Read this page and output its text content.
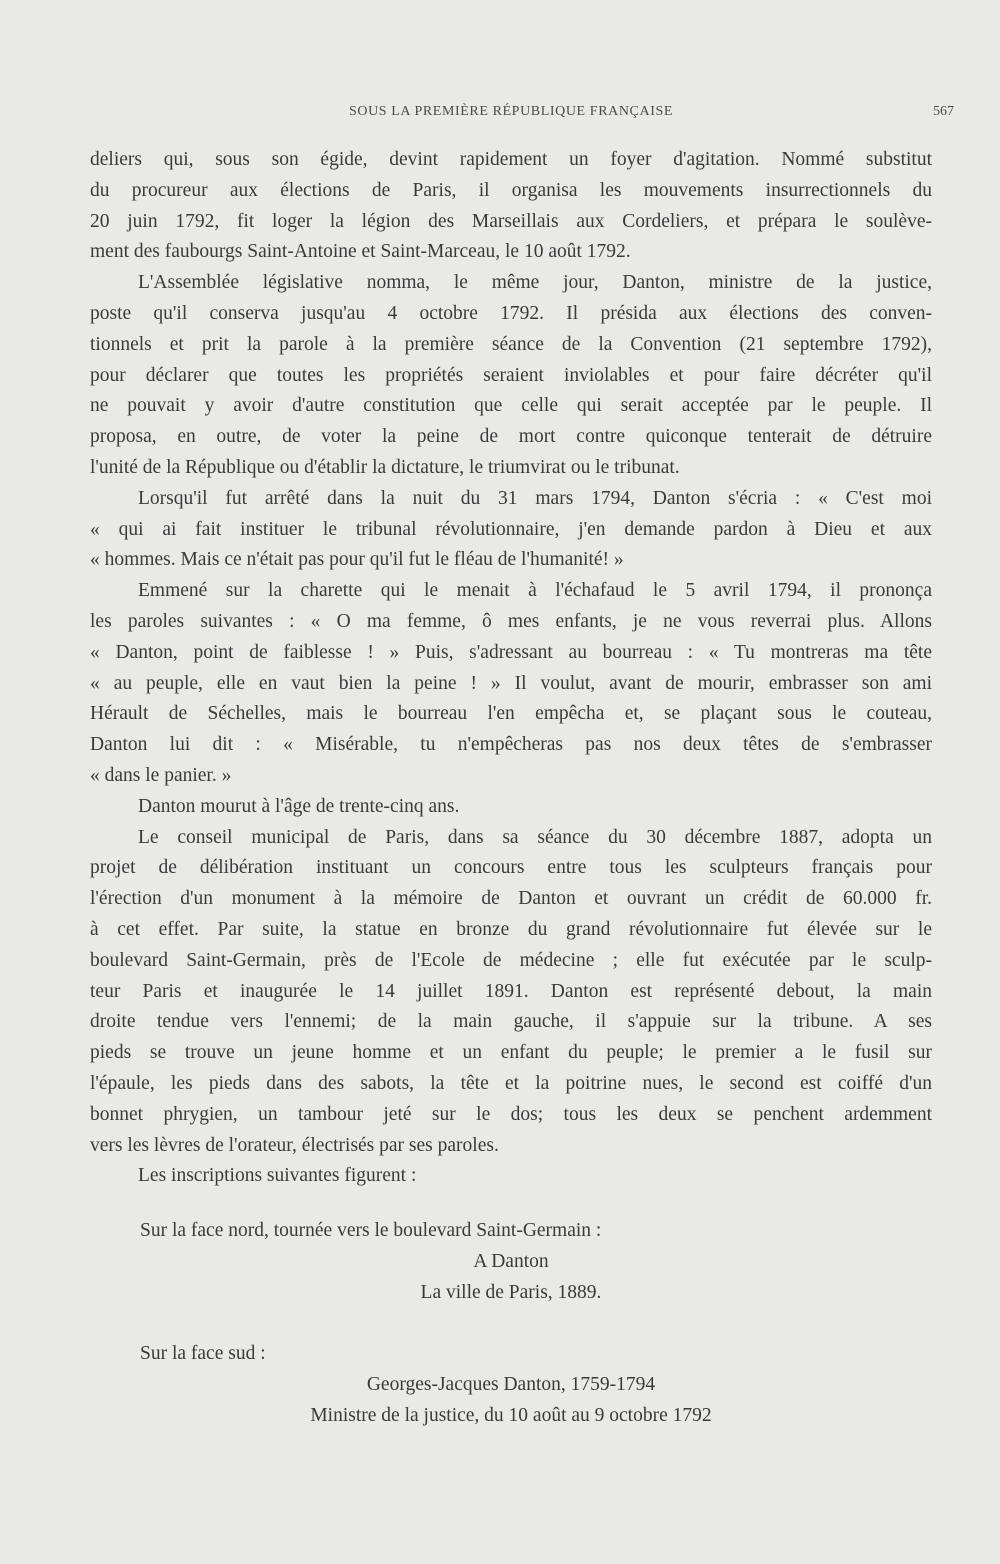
SOUS LA PREMIÈRE RÉPUBLIQUE FRANÇAISE	567
deliers qui, sous son égide, devint rapidement un foyer d'agitation. Nommé substitut
du procureur aux élections de Paris, il organisa les mouvements insurrectionnels du
20 juin 1792, fit loger la légion des Marseillais aux Cordeliers, et prépara le soulève-
ment des faubourgs Saint-Antoine et Saint-Marceau, le 10 août 1792.
L'Assemblée législative nomma, le même jour, Danton, ministre de la justice,
poste qu'il conserva jusqu'au 4 octobre 1792. Il présida aux élections des conven-
tionnels et prit la parole à la première séance de la Convention (21 septembre 1792),
pour déclarer que toutes les propriétés seraient inviolables et pour faire décréter qu'il
ne pouvait y avoir d'autre constitution que celle qui serait acceptée par le peuple. Il
proposa, en outre, de voter la peine de mort contre quiconque tenterait de détruire
l'unité de la République ou d'établir la dictature, le triumvirat ou le tribunat.
Lorsqu'il fut arrêté dans la nuit du 31 mars 1794, Danton s'écria : « C'est moi
« qui ai fait instituer le tribunal révolutionnaire, j'en demande pardon à Dieu et aux
« hommes. Mais ce n'était pas pour qu'il fut le fléau de l'humanité! »
Emmené sur la charette qui le menait à l'échafaud le 5 avril 1794, il prononça
les paroles suivantes : « O ma femme, ô mes enfants, je ne vous reverrai plus. Allons
« Danton, point de faiblesse ! » Puis, s'adressant au bourreau : « Tu montreras ma tête
« au peuple, elle en vaut bien la peine ! » Il voulut, avant de mourir, embrasser son ami
Hérault de Séchelles, mais le bourreau l'en empêcha et, se plaçant sous le couteau,
Danton lui dit : « Misérable, tu n'empêcheras pas nos deux têtes de s'embrasser
« dans le panier. »
Danton mourut à l'âge de trente-cinq ans.
Le conseil municipal de Paris, dans sa séance du 30 décembre 1887, adopta un
projet de délibération instituant un concours entre tous les sculpteurs français pour
l'érection d'un monument à la mémoire de Danton et ouvrant un crédit de 60.000 fr.
à cet effet. Par suite, la statue en bronze du grand révolutionnaire fut élevée sur le
boulevard Saint-Germain, près de l'Ecole de médecine ; elle fut exécutée par le sculp-
teur Paris et inaugurée le 14 juillet 1891. Danton est représenté debout, la main
droite tendue vers l'ennemi; de la main gauche, il s'appuie sur la tribune. A ses
pieds se trouve un jeune homme et un enfant du peuple; le premier a le fusil sur
l'épaule, les pieds dans des sabots, la tête et la poitrine nues, le second est coiffé d'un
bonnet phrygien, un tambour jeté sur le dos; tous les deux se penchent ardemment
vers les lèvres de l'orateur, électrisés par ses paroles.
Les inscriptions suivantes figurent :
Sur la face nord, tournée vers le boulevard Saint-Germain :
A Danton
La ville de Paris, 1889.
Sur la face sud :
Georges-Jacques Danton, 1759-1794
Ministre de la justice, du 10 août au 9 octobre 1792
